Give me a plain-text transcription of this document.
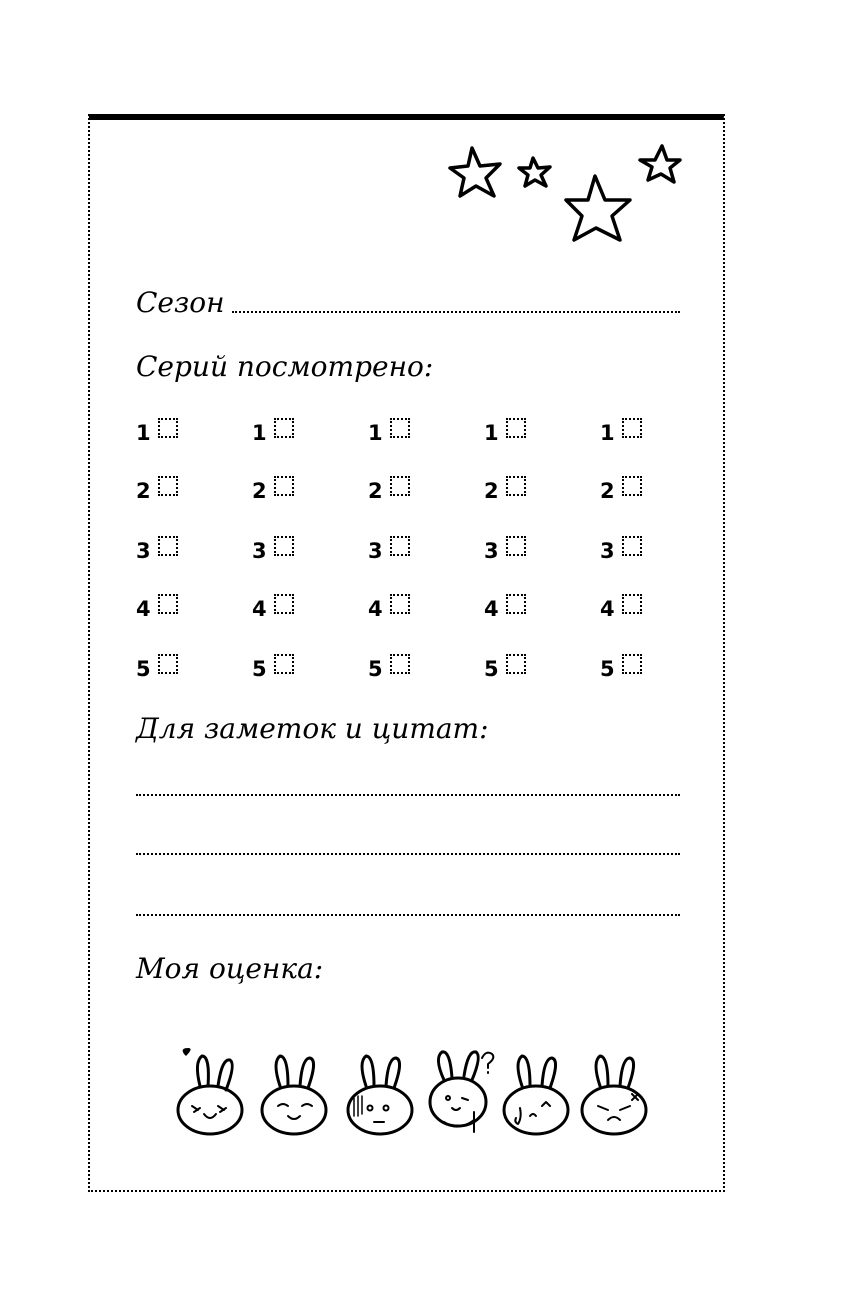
Сезон
Серий посмотрено:
1
2
3
4
5
1
2
3
4
5
1
2
3
4
5
1
2
3
4
5
1
2
3
4
5
Для заметок и цитат:
Моя оценка:
